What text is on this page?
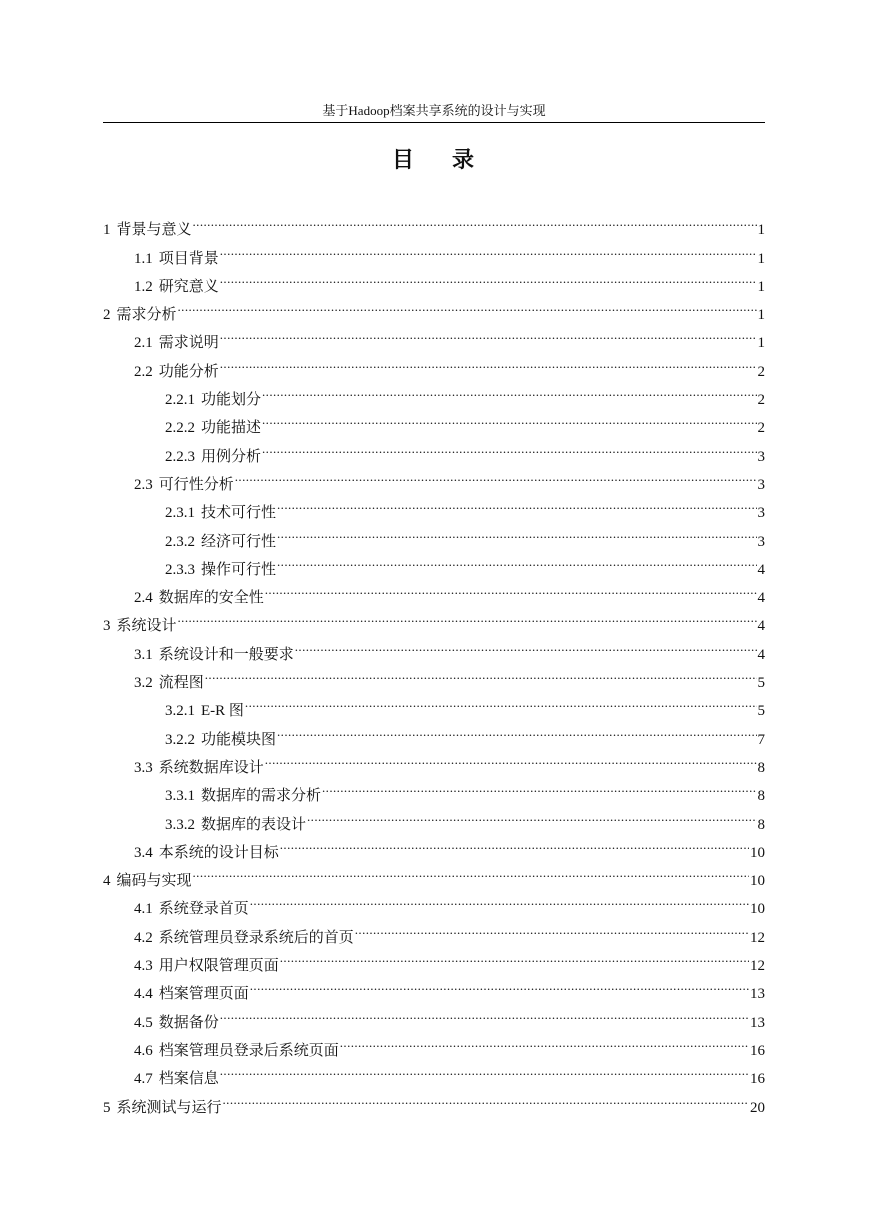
基于Hadoop档案共享系统的设计与实现
目 录
1 背景与意义 .....	1
1.1 项目背景 .....	1
1.2 研究意义 .....	1
2 需求分析 .....	1
2.1 需求说明 .....	1
2.2 功能分析 .....	2
2.2.1 功能划分 .....	2
2.2.2 功能描述 .....	2
2.2.3 用例分析 .....	3
2.3 可行性分析 .....	3
2.3.1 技术可行性 .....	3
2.3.2 经济可行性 .....	3
2.3.3 操作可行性 .....	4
2.4 数据库的安全性 .....	4
3 系统设计 .....	4
3.1 系统设计和一般要求 .....	4
3.2 流程图 .....	5
3.2.1 E-R 图 .....	5
3.2.2 功能模块图 .....	7
3.3 系统数据库设计 .....	8
3.3.1 数据库的需求分析 .....	8
3.3.2 数据库的表设计 .....	8
3.4 本系统的设计目标 .....	10
4 编码与实现 .....	10
4.1 系统登录首页 .....	10
4.2 系统管理员登录系统后的首页 .....	12
4.3 用户权限管理页面 .....	12
4.4 档案管理页面 .....	13
4.5 数据备份 .....	13
4.6 档案管理员登录后系统页面 .....	16
4.7 档案信息 .....	16
5 系统测试与运行 .....	20
